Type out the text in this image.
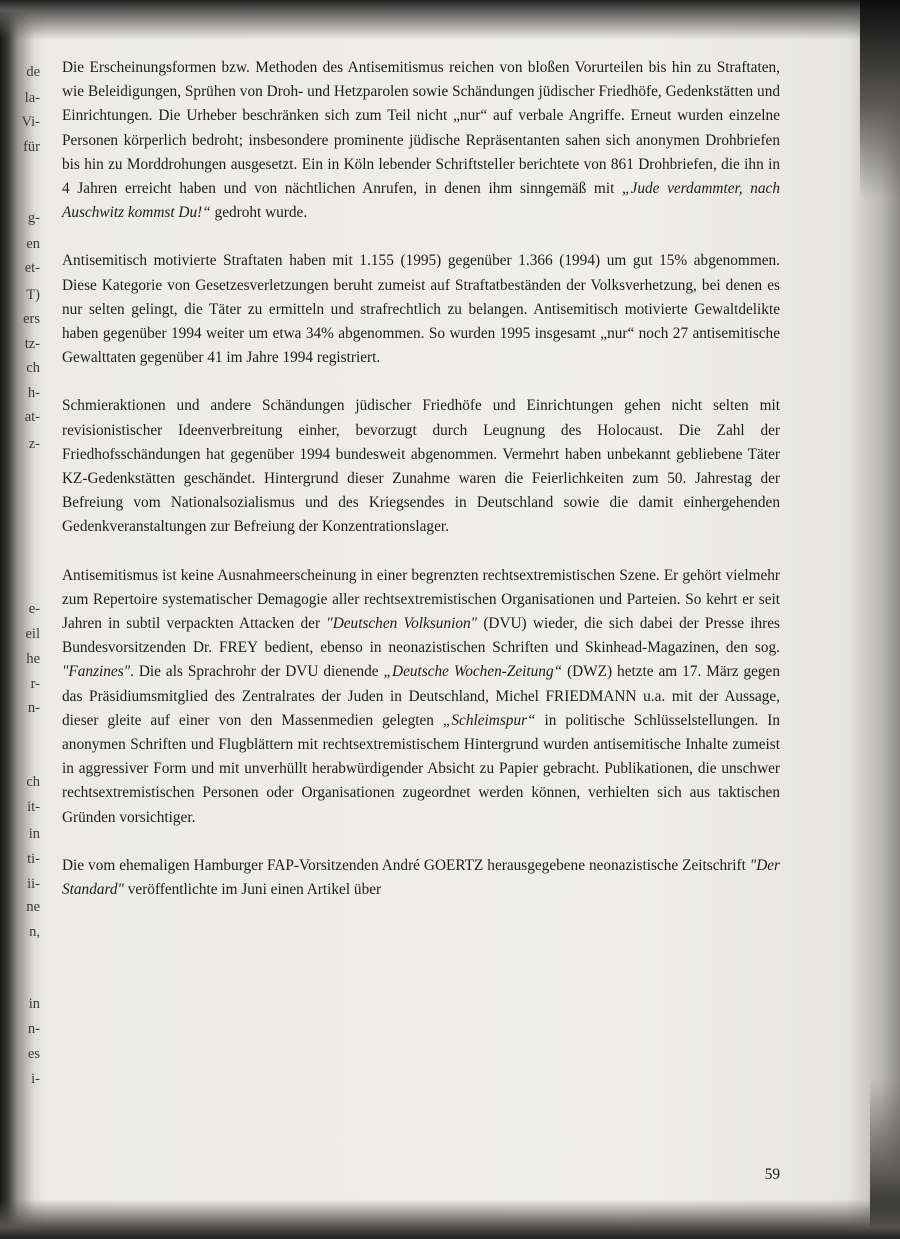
de
la-
Vi-
für
g-
en
et-
T)
ers
tz-
ch
h-
at-
z-
e-
eil
he
r-
n-
ch
it-
in
ti-
ii-
ne
n,
in
n-
es
i-

Die Erscheinungsformen bzw. Methoden des Antisemitismus reichen von bloßen Vorurteilen bis hin zu Straftaten, wie Beleidigungen, Sprühen von Droh- und Hetzparolen sowie Schändungen jüdischer Friedhöfe, Gedenkstätten und Einrichtungen. Die Urheber beschränken sich zum Teil nicht „nur“ auf verbale Angriffe. Erneut wurden einzelne Personen körperlich bedroht; insbesondere prominente jüdische Repräsentanten sahen sich anonymen Drohbriefen bis hin zu Morddrohungen ausgesetzt. Ein in Köln lebender Schriftsteller berichtete von 861 Drohbriefen, die ihn in 4 Jahren erreicht haben und von nächtlichen Anrufen, in denen ihm sinngemäß mit „Jude verdammter, nach Auschwitz kommst Du!“ gedroht wurde.

Antisemitisch motivierte Straftaten haben mit 1.155 (1995) gegenüber 1.366 (1994) um gut 15% abgenommen. Diese Kategorie von Gesetzesverletzungen beruht zumeist auf Straftatbeständen der Volksverhetzung, bei denen es nur selten gelingt, die Täter zu ermitteln und strafrechtlich zu belangen. Antisemitisch motivierte Gewaltdelikte haben gegenüber 1994 weiter um etwa 34% abgenommen. So wurden 1995 insgesamt „nur“ noch 27 antisemitische Gewalttaten gegenüber 41 im Jahre 1994 registriert.

Schmieraktionen und andere Schändungen jüdischer Friedhöfe und Einrichtungen gehen nicht selten mit revisionistischer Ideenverbreitung einher, bevorzugt durch Leugnung des Holocaust. Die Zahl der Friedhofsschändungen hat gegenüber 1994 bundesweit abgenommen. Vermehrt haben unbekannt gebliebene Täter KZ-Gedenkstätten geschändet. Hintergrund dieser Zunahme waren die Feierlichkeiten zum 50. Jahrestag der Befreiung vom Nationalsozialismus und des Kriegsendes in Deutschland sowie die damit einhergehenden Gedenkveranstaltungen zur Befreiung der Konzentrationslager.

Antisemitismus ist keine Ausnahmeerscheinung in einer begrenzten rechtsextremistischen Szene. Er gehört vielmehr zum Repertoire systematischer Demagogie aller rechtsextremistischen Organisationen und Parteien. So kehrt er seit Jahren in subtil verpackten Attacken der "Deutschen Volksunion" (DVU) wieder, die sich dabei der Presse ihres Bundesvorsitzenden Dr. FREY bedient, ebenso in neonazistischen Schriften und Skinhead-Magazinen, den sog. "Fanzines". Die als Sprachrohr der DVU dienende „Deutsche Wochen-Zeitung“ (DWZ) hetzte am 17. März gegen das Präsidiumsmitglied des Zentralrates der Juden in Deutschland, Michel FRIEDMANN u.a. mit der Aussage, dieser gleite auf einer von den Massenmedien gelegten „Schleimspur“ in politische Schlüsselstellungen. In anonymen Schriften und Flugblättern mit rechtsextremistischem Hintergrund wurden antisemitische Inhalte zumeist in aggressiver Form und mit unverhüllt herabwürdigender Absicht zu Papier gebracht. Publikationen, die unschwer rechtsextremistischen Personen oder Organisationen zugeordnet werden können, verhielten sich aus taktischen Gründen vorsichtiger.

Die vom ehemaligen Hamburger FAP-Vorsitzenden André GOERTZ herausgegebene neonazistische Zeitschrift "Der Standard" veröffentlichte im Juni einen Artikel über

59
